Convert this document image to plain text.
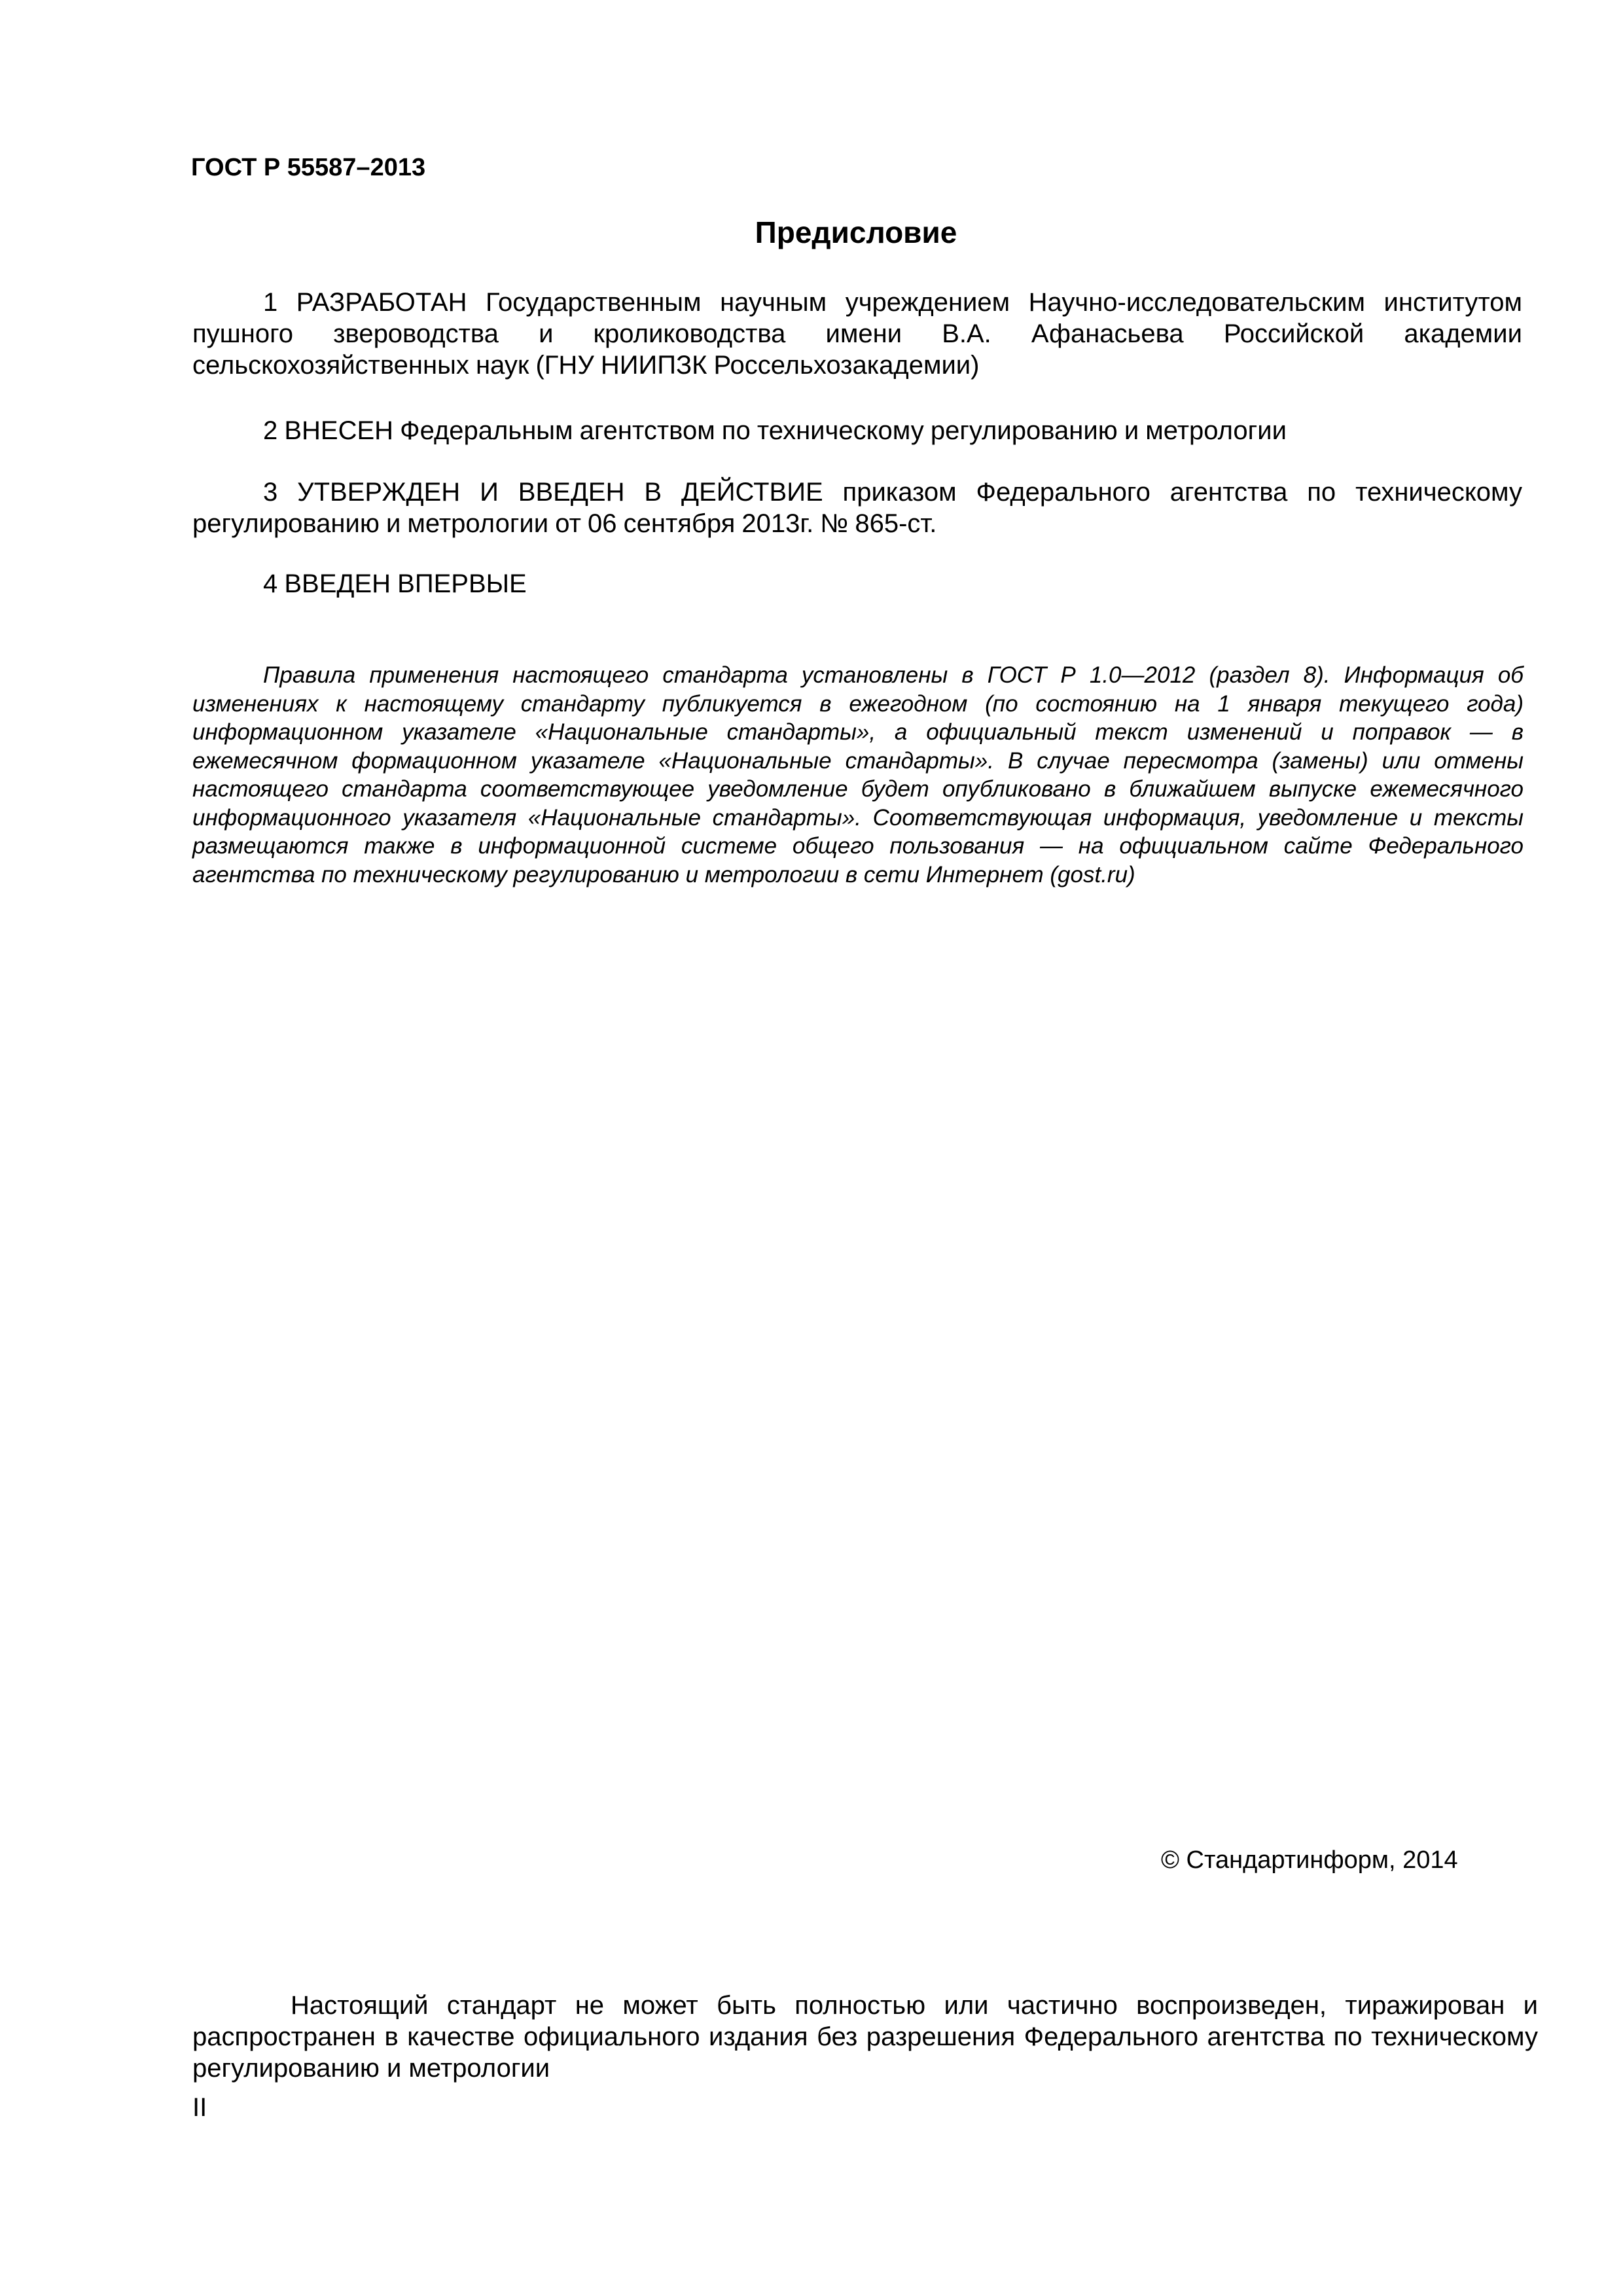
ГОСТ Р 55587–2013
Предисловие
1 РАЗРАБОТАН Государственным научным учреждением Научно-исследовательским институтом пушного звероводства и кролиководства имени В.А. Афанасьева Российской академии сельскохозяйственных наук (ГНУ НИИПЗК Россельхозакадемии)
2 ВНЕСЕН Федеральным агентством по техническому регулированию и метрологии
3 УТВЕРЖДЕН И ВВЕДЕН В ДЕЙСТВИЕ приказом Федерального агентства по техническому регулированию и метрологии от 06 сентября 2013г. № 865-ст.
4 ВВЕДЕН ВПЕРВЫЕ
Правила применения настоящего стандарта установлены в ГОСТ Р 1.0—2012 (раздел 8). Информация об изменениях к настоящему стандарту публикуется в ежегодном (по состоянию на 1 января текущего года) информационном указателе «Национальные стандарты», а официальный текст изменений и поправок — в ежемесячном формационном указателе «Национальные стандарты». В случае пересмотра (замены) или отмены настоящего стандарта соответствующее уведомление будет опубликовано в ближайшем выпуске ежемесячного информационного указателя «Национальные стандарты». Соответствующая информация, уведомление и тексты размещаются также в информационной системе общего пользования — на официальном сайте Федерального агентства по техническому регулированию и метрологии в сети Интернет (gost.ru)
© Стандартинформ, 2014
Настоящий стандарт не может быть полностью или частично воспроизведен, тиражирован и распространен в качестве официального издания без разрешения Федерального агентства по техническому регулированию и метрологии
II
